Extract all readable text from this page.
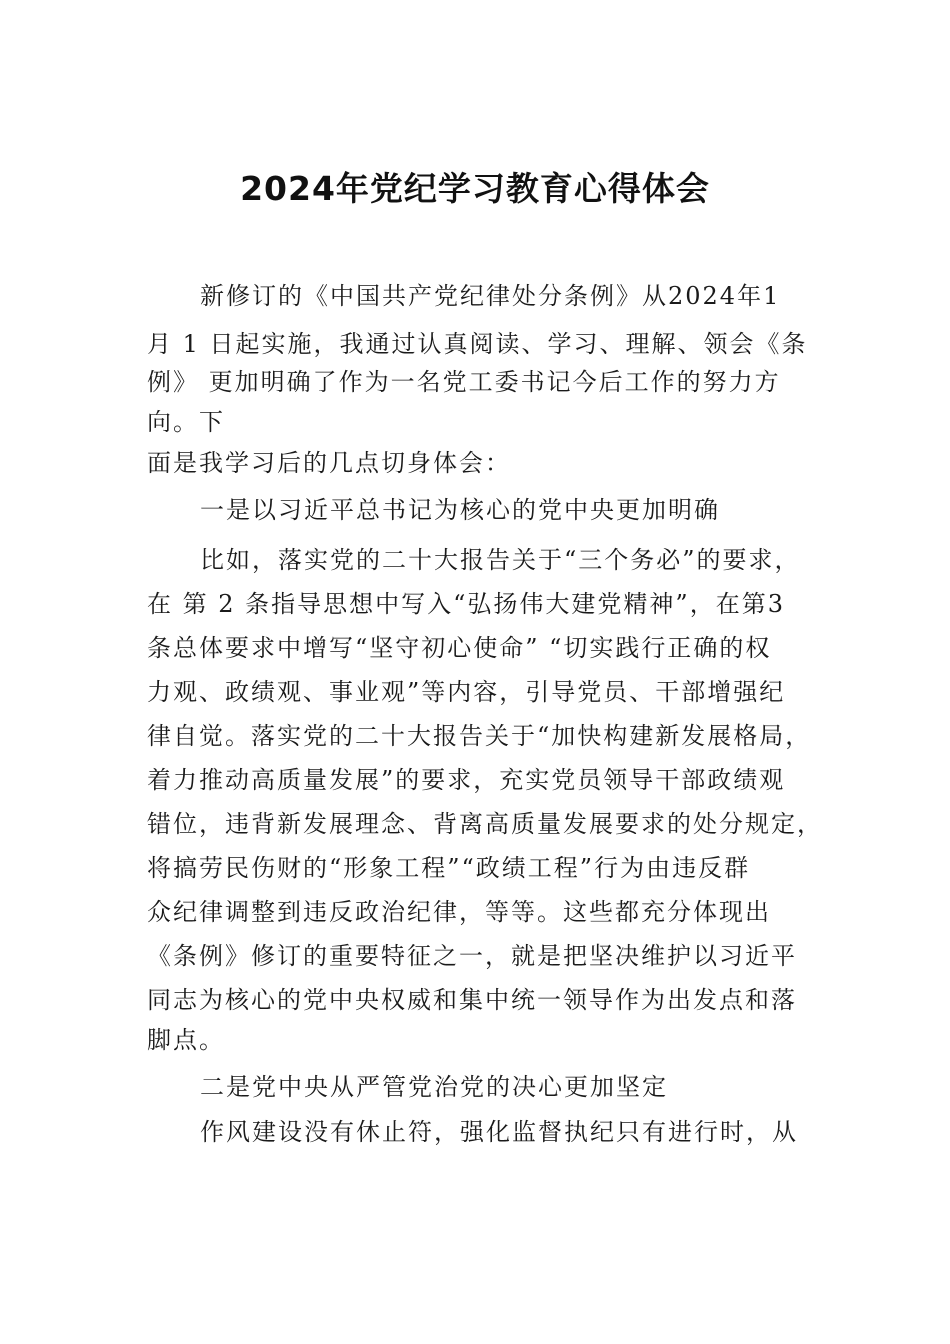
2024年党纪学习教育心得体会
新修订的《中国共产党纪律处分条例》从2024年1
月 1 日起实施，我通过认真阅读、学习、理解、领会《条
例》 更加明确了作为一名党工委书记今后工作的努力方
向。下
面是我学习后的几点切身体会：
一是以习近平总书记为核心的党中央更加明确
比如，落实党的二十大报告关于“三个务必”的要求，
在 第 2 条指导思想中写入“弘扬伟大建党精神”，在第3
条总体要求中增写“坚守初心使命” “切实践行正确的权
力观、政绩观、事业观”等内容，引导党员、干部增强纪
律自觉。落实党的二十大报告关于“加快构建新发展格局，
着力推动高质量发展”的要求，充实党员领导干部政绩观
错位，违背新发展理念、背离高质量发展要求的处分规定，
将搞劳民伤财的“形象工程”“政绩工程”行为由违反群
众纪律调整到违反政治纪律，等等。这些都充分体现出
《条例》修订的重要特征之一，就是把坚决维护以习近平
同志为核心的党中央权威和集中统一领导作为出发点和落
脚点。
二是党中央从严管党治党的决心更加坚定
作风建设没有休止符，强化监督执纪只有进行时，从
